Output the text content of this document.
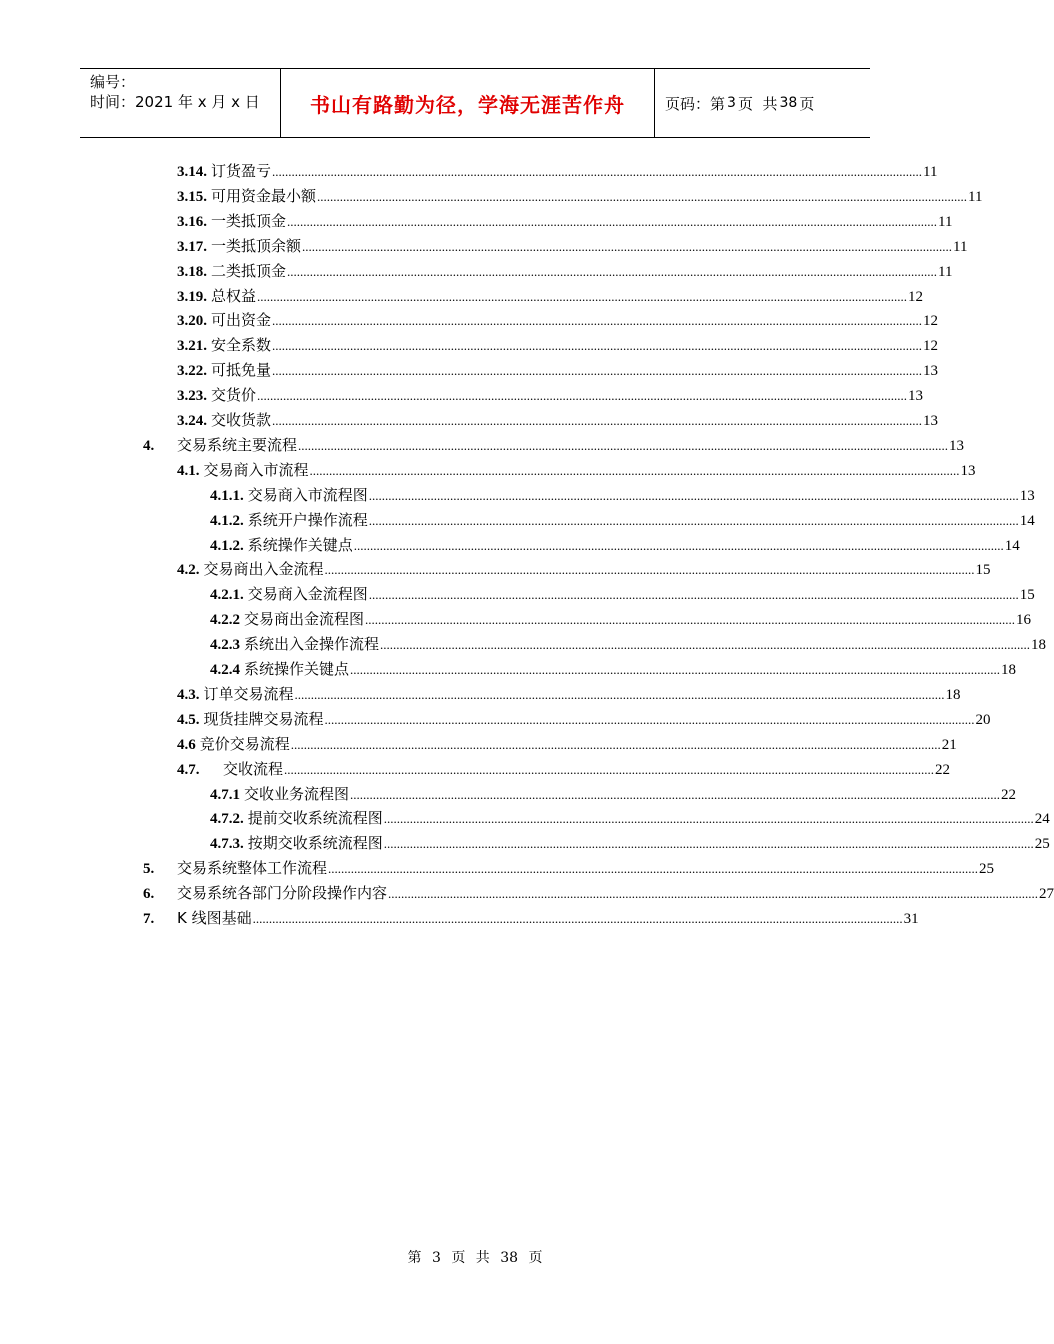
编号：
时间：2021 年 x 月 x 日	书山有路勤为径，学海无涯苦作舟	页码：第 3 页  共 38 页
3.14. 订货盈亏 ........................................................................................................................................................................................................ 11
3.15. 可用资金最小额 ........................................................................................................................................................................................................ 11
3.16. 一类抵顶金 ........................................................................................................................................................................................................ 11
3.17. 一类抵顶余额 ........................................................................................................................................................................................................ 11
3.18. 二类抵顶金 ........................................................................................................................................................................................................ 11
3.19. 总权益 ........................................................................................................................................................................................................ 12
3.20. 可出资金 ........................................................................................................................................................................................................ 12
3.21. 安全系数 ........................................................................................................................................................................................................ 12
3.22. 可抵免量 ........................................................................................................................................................................................................ 13
3.23. 交货价 ........................................................................................................................................................................................................ 13
3.24. 交收货款 ........................................................................................................................................................................................................ 13
4.	交易系统主要流程 ........................................................................................................................................................................................................ 13
4.1. 交易商入市流程 ........................................................................................................................................................................................................ 13
4.1.1. 交易商入市流程图 ........................................................................................................................................................................................................ 13
4.1.2. 系统开户操作流程 ........................................................................................................................................................................................................ 14
4.1.2. 系统操作关键点 ........................................................................................................................................................................................................ 14
4.2. 交易商出入金流程 ........................................................................................................................................................................................................ 15
4.2.1. 交易商入金流程图 ........................................................................................................................................................................................................ 15
4.2.2 交易商出金流程图 ........................................................................................................................................................................................................ 16
4.2.3 系统出入金操作流程 ........................................................................................................................................................................................................ 18
4.2.4 系统操作关键点 ........................................................................................................................................................................................................ 18
4.3. 订单交易流程 ........................................................................................................................................................................................................ 18
4.5. 现货挂牌交易流程 ........................................................................................................................................................................................................ 20
4.6 竞价交易流程 ........................................................................................................................................................................................................ 21
4.7.	交收流程 ........................................................................................................................................................................................................ 22
4.7.1 交收业务流程图 ........................................................................................................................................................................................................ 22
4.7.2. 提前交收系统流程图 ........................................................................................................................................................................................................ 24
4.7.3. 按期交收系统流程图 ........................................................................................................................................................................................................ 25
5.	交易系统整体工作流程 ........................................................................................................................................................................................................ 25
6.	交易系统各部门分阶段操作内容 ........................................................................................................................................................................................................ 27
7.	K 线图基础 ........................................................................................................................................................................................................ 31
第 3 页 共 38 页
